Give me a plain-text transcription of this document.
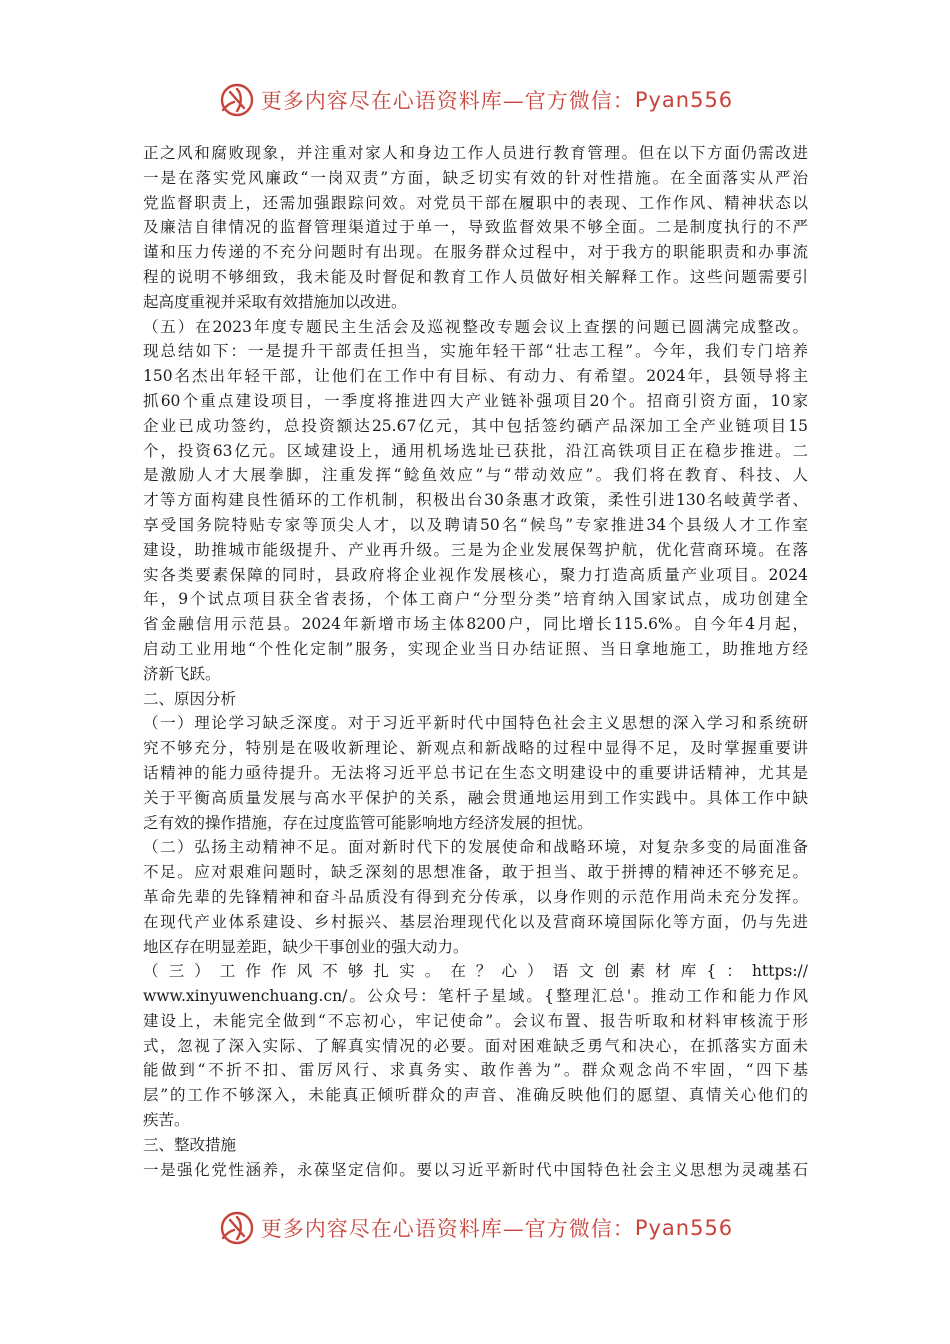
更多内容尽在心语资料库—官方微信： Pyan556
正之风和腐败现象，并注重对家人和身边工作人员进行教育管理。但在以下方面仍需改进
一是在落实党风廉政“一岗双责”方面，缺乏切实有效的针对性措施。在全面落实从严治
党监督职责上，还需加强跟踪问效。对党员干部在履职中的表现、工作作风、精神状态以
及廉洁自律情况的监督管理渠道过于单一，导致监督效果不够全面。二是制度执行的不严
谨和压力传递的不充分问题时有出现。在服务群众过程中，对于我方的职能职责和办事流
程的说明不够细致，我未能及时督促和教育工作人员做好相关解释工作。这些问题需要引
起高度重视并采取有效措施加以改进。
（五）在2023年度专题民主生活会及巡视整改专题会议上查摆的问题已圆满完成整改。
现总结如下：一是提升干部责任担当，实施年轻干部“壮志工程”。今年，我们专门培养
150名杰出年轻干部，让他们在工作中有目标、有动力、有希望。2024年，县领导将主
抓60个重点建设项目，一季度将推进四大产业链补强项目20个。招商引资方面，10家
企业已成功签约，总投资额达25.67亿元，其中包括签约硒产品深加工全产业链项目15
个，投资63亿元。区域建设上，通用机场选址已获批，沿江高铁项目正在稳步推进。二
是激励人才大展拳脚，注重发挥“鲶鱼效应”与“带动效应”。我们将在教育、科技、人
才等方面构建良性循环的工作机制，积极出台30条惠才政策，柔性引进130名岐黄学者、
享受国务院特贴专家等顶尖人才，以及聘请50名“候鸟”专家推进34个县级人才工作室
建设，助推城市能级提升、产业再升级。三是为企业发展保驾护航，优化营商环境。在落
实各类要素保障的同时，县政府将企业视作发展核心，聚力打造高质量产业项目。2024
年，9个试点项目获全省表扬，个体工商户“分型分类”培育纳入国家试点，成功创建全
省金融信用示范县。2024年新增市场主体8200户，同比增长115.6%。自今年4月起，
启动工业用地“个性化定制”服务，实现企业当日办结证照、当日拿地施工，助推地方经
济新飞跃。
二、原因分析
（一）理论学习缺乏深度。对于习近平新时代中国特色社会主义思想的深入学习和系统研
究不够充分，特别是在吸收新理论、新观点和新战略的过程中显得不足，及时掌握重要讲
话精神的能力亟待提升。无法将习近平总书记在生态文明建设中的重要讲话精神，尤其是
关于平衡高质量发展与高水平保护的关系，融会贯通地运用到工作实践中。具体工作中缺
乏有效的操作措施，存在过度监管可能影响地方经济发展的担忧。
（二）弘扬主动精神不足。面对新时代下的发展使命和战略环境，对复杂多变的局面准备
不足。应对艰难问题时，缺乏深刻的思想准备，敢于担当、敢于拼搏的精神还不够充足。
革命先辈的先锋精神和奋斗品质没有得到充分传承，以身作则的示范作用尚未充分发挥。
在现代产业体系建设、乡村振兴、基层治理现代化以及营商环境国际化等方面，仍与先进
地区存在明显差距，缺少干事创业的强大动力。
（三）工作作风不够扎实。在？心）语文创素材库{：https://
www.xinyuwenchuang.cn/。公众号：笔杆子星域。{整理汇总'。推动工作和能力作风
建设上，未能完全做到“不忘初心，牢记使命”。会议布置、报告听取和材料审核流于形
式，忽视了深入实际、了解真实情况的必要。面对困难缺乏勇气和决心，在抓落实方面未
能做到“不折不扣、雷厉风行、求真务实、敢作善为”。群众观念尚不牢固，“四下基
层”的工作不够深入，未能真正倾听群众的声音、准确反映他们的愿望、真情关心他们的
疾苦。
三、整改措施
一是强化党性涵养，永葆坚定信仰。要以习近平新时代中国特色社会主义思想为灵魂基石
更多内容尽在心语资料库—官方微信： Pyan556
